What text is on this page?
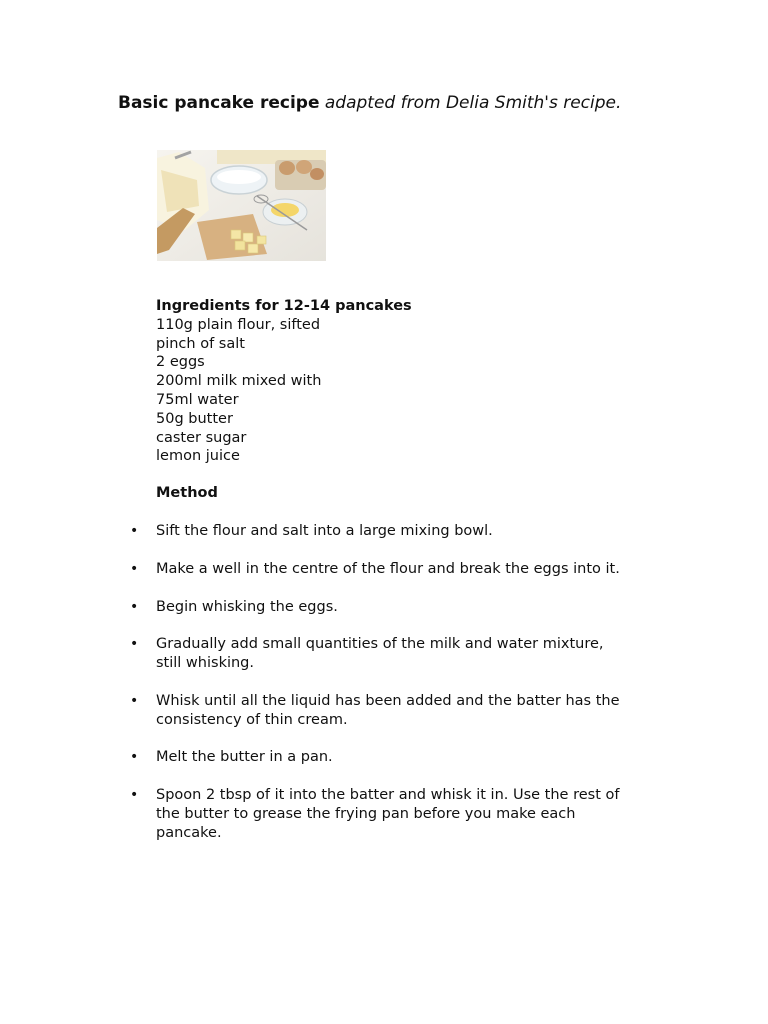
Basic pancake recipe adapted from Delia Smith's recipe.
Ingredients for 12-14 pancakes
110g plain flour, sifted
pinch of salt
2 eggs
200ml milk mixed with
75ml water
50g butter
caster sugar
lemon juice
Method
• Sift the flour and salt into a large mixing bowl.
• Make a well in the centre of the flour and break the eggs into it.
• Begin whisking the eggs.
• Gradually add small quantities of the milk and water mixture,
still whisking.
• Whisk until all the liquid has been added and the batter has the
consistency of thin cream.
• Melt the butter in a pan.
• Spoon 2 tbsp of it into the batter and whisk it in. Use the rest of
the butter to grease the frying pan before you make each
pancake.
